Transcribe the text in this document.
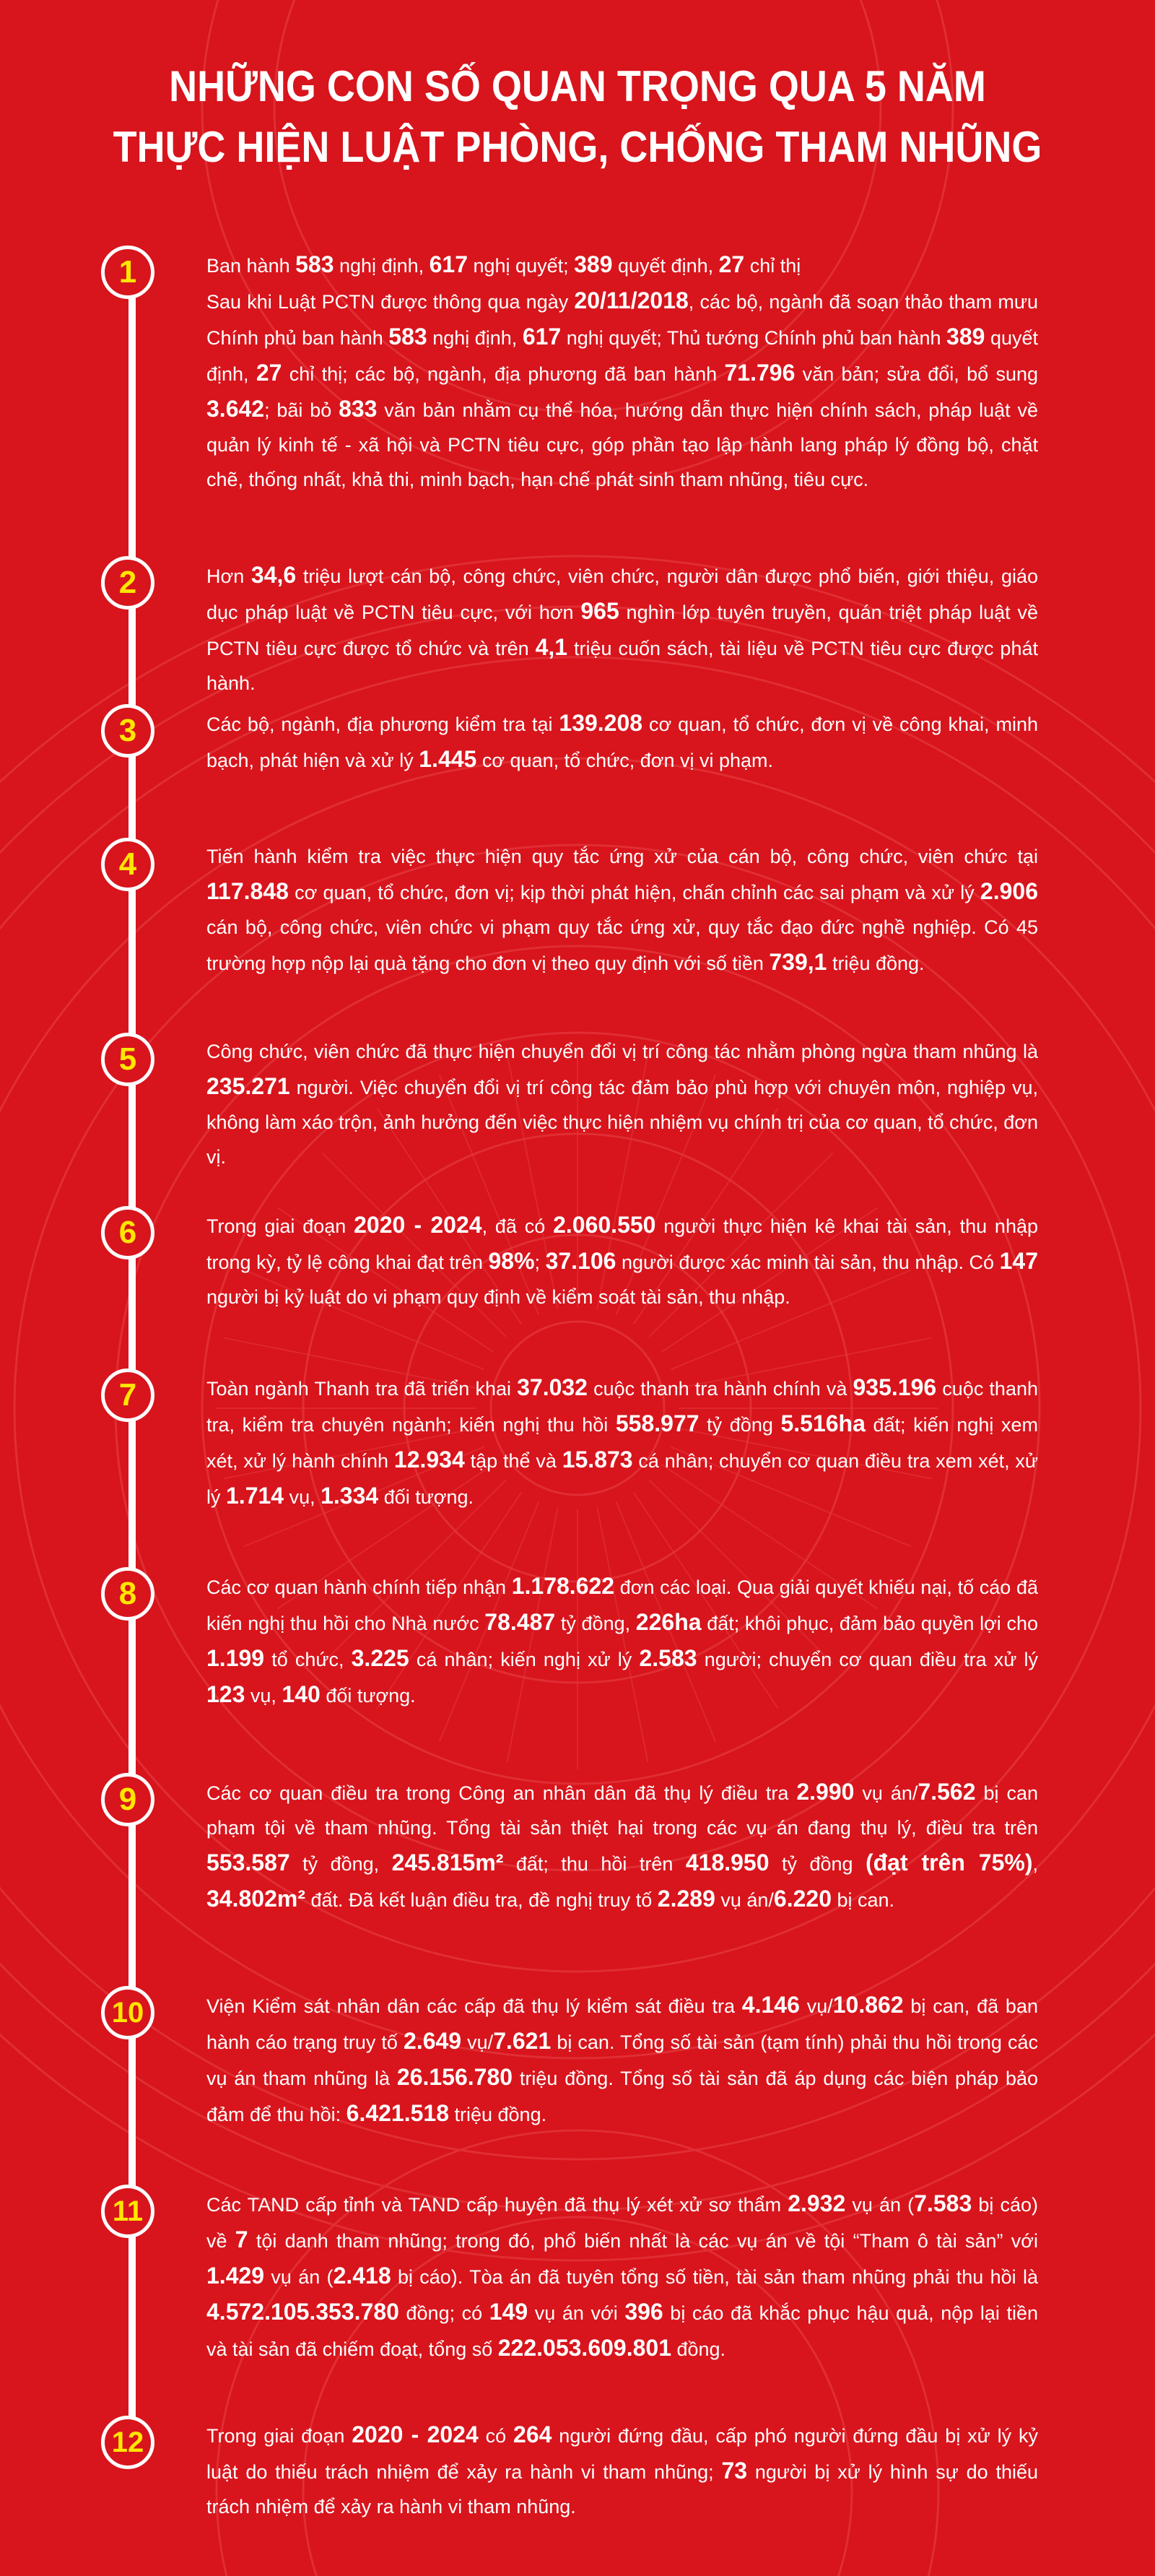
NHỮNG CON SỐ QUAN TRỌNG QUA 5 NĂM
THỰC HIỆN LUẬT PHÒNG, CHỐNG THAM NHŨNG
1	Ban hành 583 nghị định, 617 nghị quyết; 389 quyết định, 27 chỉ thị
Sau khi Luật PCTN được thông qua ngày 20/11/2018, các bộ, ngành đã soạn thảo tham mưu Chính phủ ban hành 583 nghị định, 617 nghị quyết; Thủ tướng Chính phủ ban hành 389 quyết định, 27 chỉ thị; các bộ, ngành, địa phương đã ban hành 71.796 văn bản; sửa đổi, bổ sung 3.642; bãi bỏ 833 văn bản nhằm cụ thể hóa, hướng dẫn thực hiện chính sách, pháp luật về quản lý kinh tế - xã hội và PCTN tiêu cực, góp phần tạo lập hành lang pháp lý đồng bộ, chặt chẽ, thống nhất, khả thi, minh bạch, hạn chế phát sinh tham nhũng, tiêu cực.
2	Hơn 34,6 triệu lượt cán bộ, công chức, viên chức, người dân được phổ biến, giới thiệu, giáo dục pháp luật về PCTN tiêu cực, với hơn 965 nghìn lớp tuyên truyền, quán triệt pháp luật về PCTN tiêu cực được tổ chức và trên 4,1 triệu cuốn sách, tài liệu về PCTN tiêu cực được phát hành.
3	Các bộ, ngành, địa phương kiểm tra tại 139.208 cơ quan, tổ chức, đơn vị về công khai, minh bạch, phát hiện và xử lý 1.445 cơ quan, tổ chức, đơn vị vi phạm.
4	Tiến hành kiểm tra việc thực hiện quy tắc ứng xử của cán bộ, công chức, viên chức tại 117.848 cơ quan, tổ chức, đơn vị; kịp thời phát hiện, chấn chỉnh các sai phạm và xử lý 2.906 cán bộ, công chức, viên chức vi phạm quy tắc ứng xử, quy tắc đạo đức nghề nghiệp. Có 45 trường hợp nộp lại quà tặng cho đơn vị theo quy định với số tiền 739,1 triệu đồng.
5	Công chức, viên chức đã thực hiện chuyển đổi vị trí công tác nhằm phòng ngừa tham nhũng là 235.271 người. Việc chuyển đổi vị trí công tác đảm bảo phù hợp với chuyên môn, nghiệp vụ, không làm xáo trộn, ảnh hưởng đến việc thực hiện nhiệm vụ chính trị của cơ quan, tổ chức, đơn vị.
6	Trong giai đoạn 2020 - 2024, đã có 2.060.550 người thực hiện kê khai tài sản, thu nhập trong kỳ, tỷ lệ công khai đạt trên 98%; 37.106 người được xác minh tài sản, thu nhập. Có 147 người bị kỷ luật do vi phạm quy định về kiểm soát tài sản, thu nhập.
7	Toàn ngành Thanh tra đã triển khai 37.032 cuộc thanh tra hành chính và 935.196 cuộc thanh tra, kiểm tra chuyên ngành; kiến nghị thu hồi 558.977 tỷ đồng 5.516ha đất; kiến nghị xem xét, xử lý hành chính 12.934 tập thể và 15.873 cá nhân; chuyển cơ quan điều tra xem xét, xử lý 1.714 vụ, 1.334 đối tượng.
8	Các cơ quan hành chính tiếp nhận 1.178.622 đơn các loại. Qua giải quyết khiếu nại, tố cáo đã kiến nghị thu hồi cho Nhà nước 78.487 tỷ đồng, 226ha đất; khôi phục, đảm bảo quyền lợi cho 1.199 tổ chức, 3.225 cá nhân; kiến nghị xử lý 2.583 người; chuyển cơ quan điều tra xử lý 123 vụ, 140 đối tượng.
9	Các cơ quan điều tra trong Công an nhân dân đã thụ lý điều tra 2.990 vụ án/7.562 bị can phạm tội về tham nhũng. Tổng tài sản thiệt hại trong các vụ án đang thụ lý, điều tra trên 553.587 tỷ đồng, 245.815m² đất; thu hồi trên 418.950 tỷ đồng (đạt trên 75%), 34.802m² đất. Đã kết luận điều tra, đề nghị truy tố 2.289 vụ án/6.220 bị can.
10	Viện Kiểm sát nhân dân các cấp đã thụ lý kiểm sát điều tra 4.146 vụ/10.862 bị can, đã ban hành cáo trạng truy tố 2.649 vụ/7.621 bị can. Tổng số tài sản (tạm tính) phải thu hồi trong các vụ án tham nhũng là 26.156.780 triệu đồng. Tổng số tài sản đã áp dụng các biện pháp bảo đảm để thu hồi: 6.421.518 triệu đồng.
11	Các TAND cấp tỉnh và TAND cấp huyện đã thụ lý xét xử sơ thẩm 2.932 vụ án (7.583 bị cáo) về 7 tội danh tham nhũng; trong đó, phổ biến nhất là các vụ án về tội “Tham ô tài sản” với 1.429 vụ án (2.418 bị cáo). Tòa án đã tuyên tổng số tiền, tài sản tham nhũng phải thu hồi là 4.572.105.353.780 đồng; có 149 vụ án với 396 bị cáo đã khắc phục hậu quả, nộp lại tiền và tài sản đã chiếm đoạt, tổng số 222.053.609.801 đồng.
12	Trong giai đoạn 2020 - 2024 có 264 người đứng đầu, cấp phó người đứng đầu bị xử lý kỷ luật do thiếu trách nhiệm để xảy ra hành vi tham nhũng; 73 người bị xử lý hình sự do thiếu trách nhiệm để xảy ra hành vi tham nhũng.
